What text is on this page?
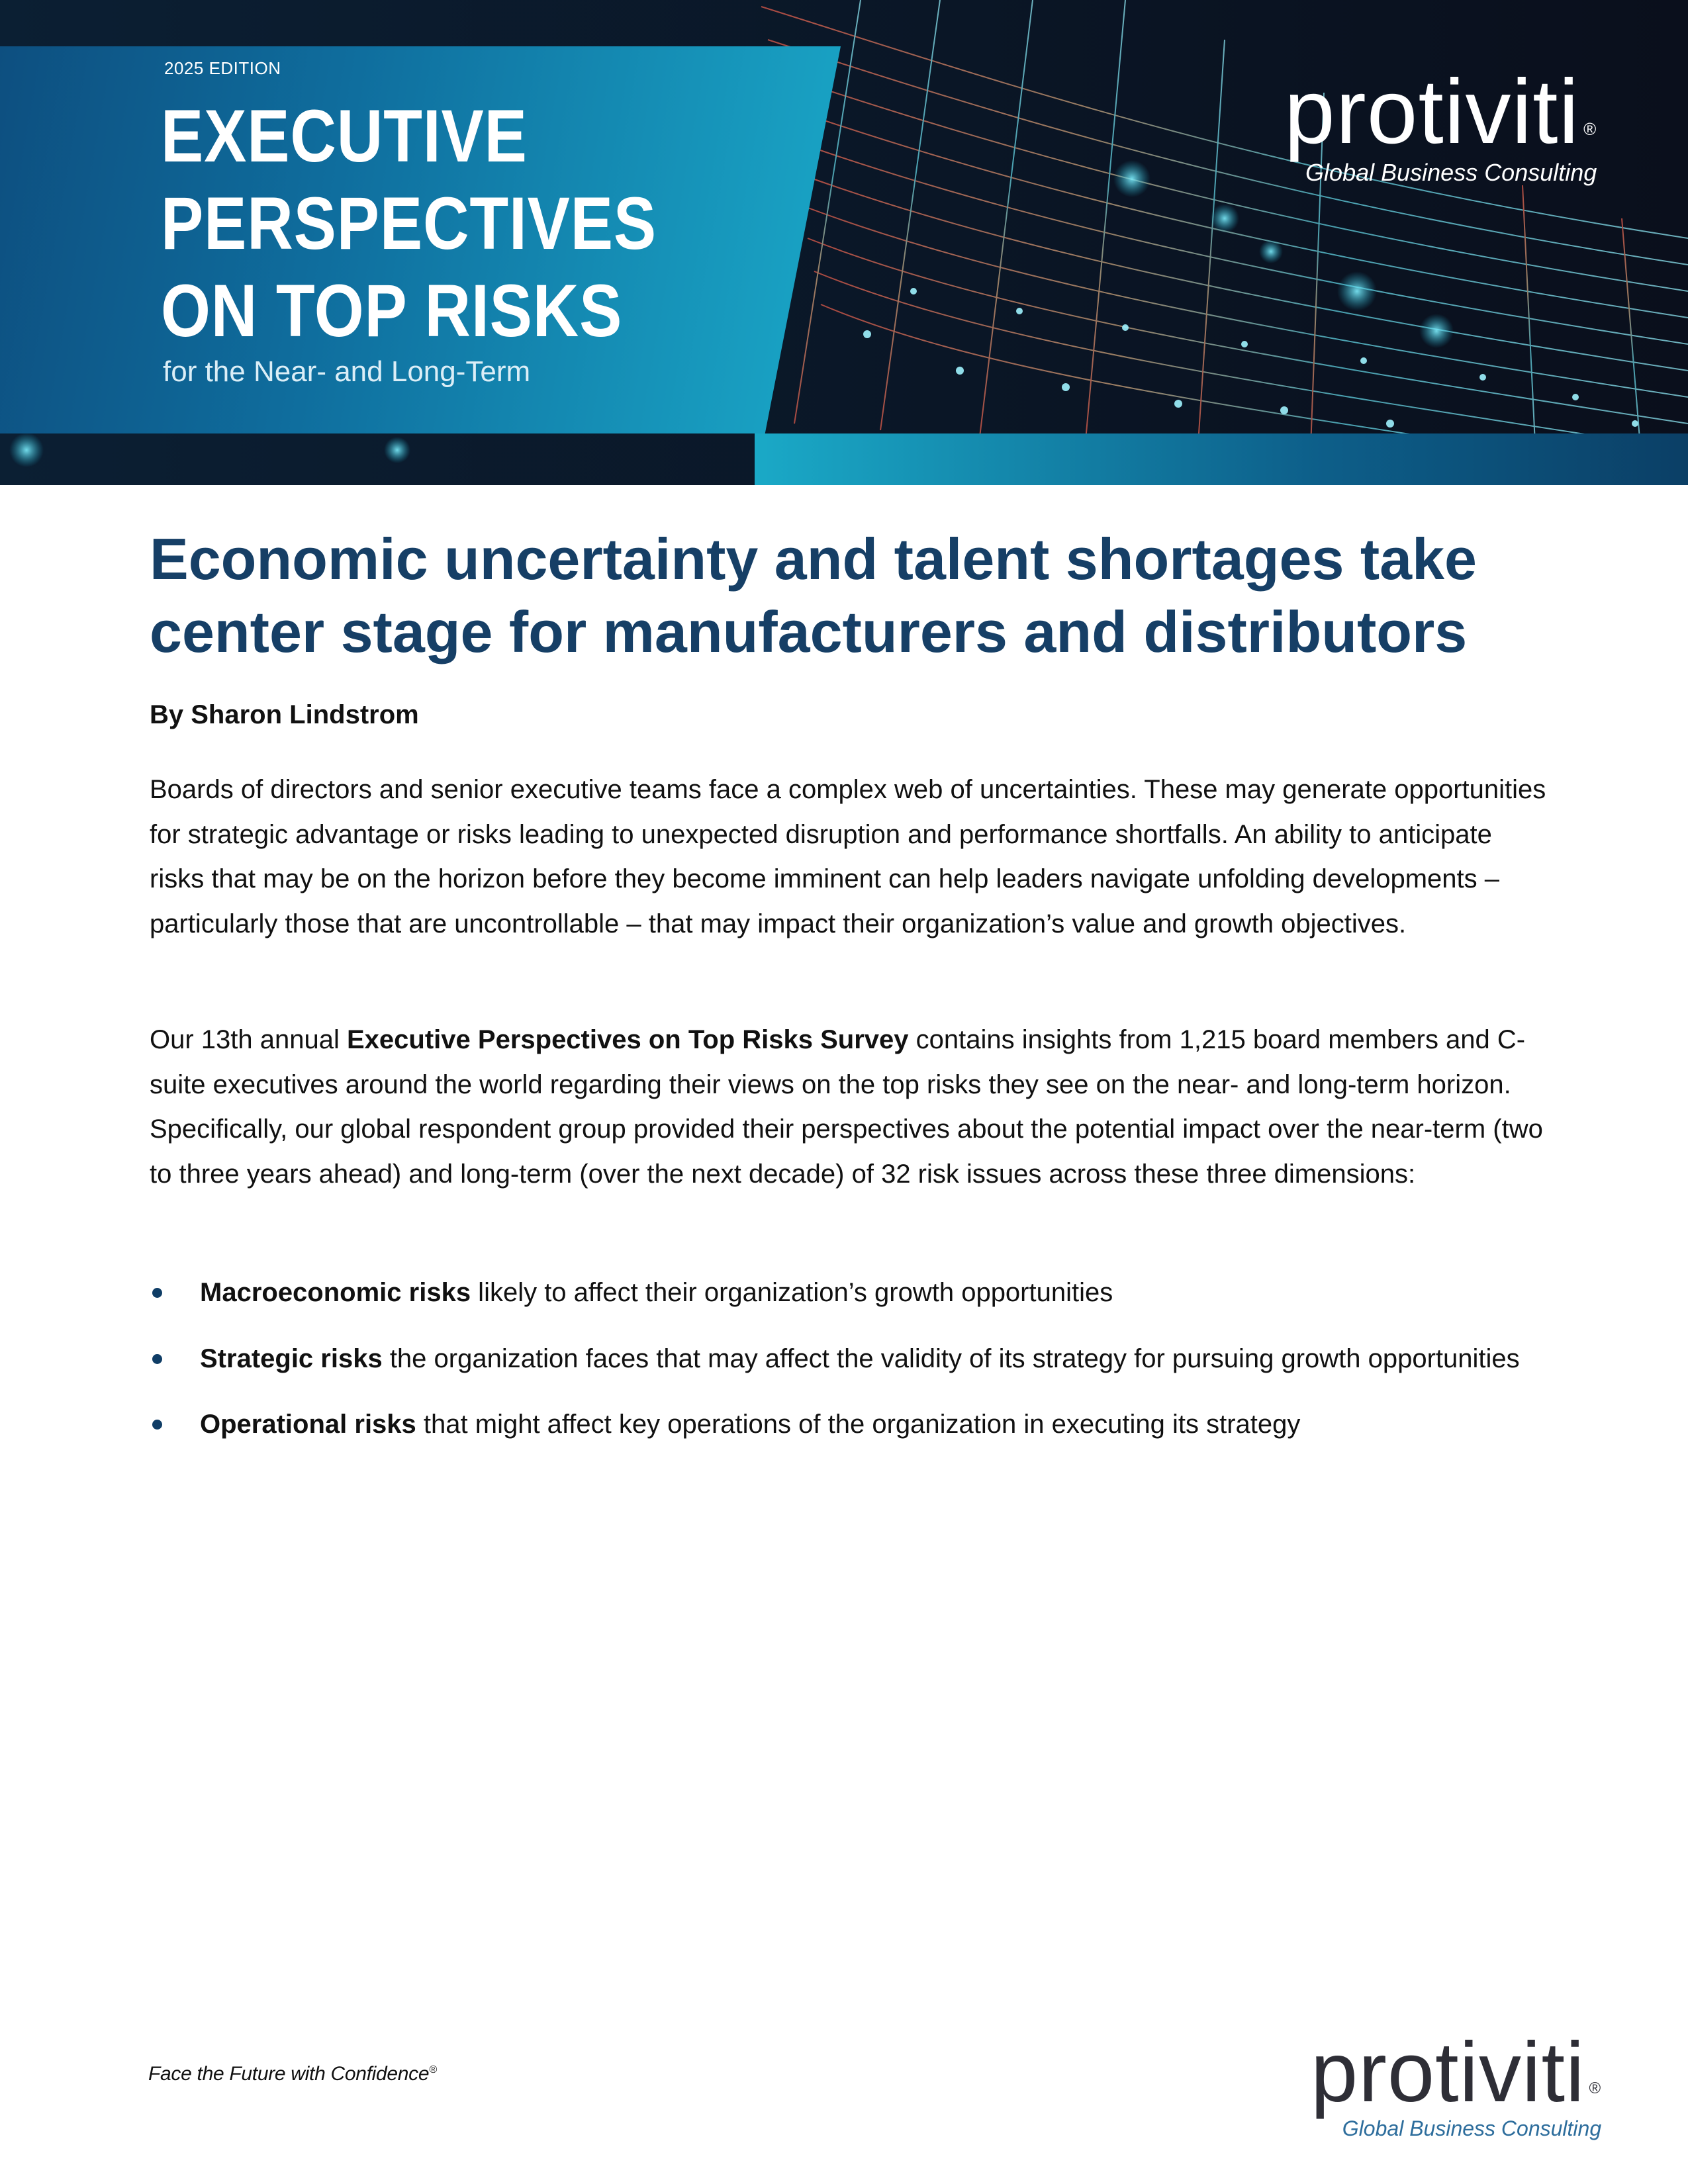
2025 EDITION
EXECUTIVE
PERSPECTIVES
ON TOP RISKS
for the Near- and Long-Term
protiviti ®
Global Business Consulting
Economic uncertainty and talent shortages take center stage for manufacturers and distributors
By Sharon Lindstrom

Boards of directors and senior executive teams face a complex web of uncertainties. These may generate opportunities for strategic advantage or risks leading to unexpected disruption and performance shortfalls. An ability to anticipate risks that may be on the horizon before they become imminent can help leaders navigate unfolding developments – particularly those that are uncontrollable – that may impact their organization’s value and growth objectives.

Our 13th annual Executive Perspectives on Top Risks Survey contains insights from 1,215 board members and C-suite executives around the world regarding their views on the top risks they see on the near- and long-term horizon. Specifically, our global respondent group provided their perspectives about the potential impact over the near-term (two to three years ahead) and long-term (over the next decade) of 32 risk issues across these three dimensions:

Macroeconomic risks likely to affect their organization’s growth opportunities
Strategic risks the organization faces that may affect the validity of its strategy for pursuing growth opportunities
Operational risks that might affect key operations of the organization in executing its strategy
Face the Future with Confidence®	protiviti ®
Global Business Consulting
